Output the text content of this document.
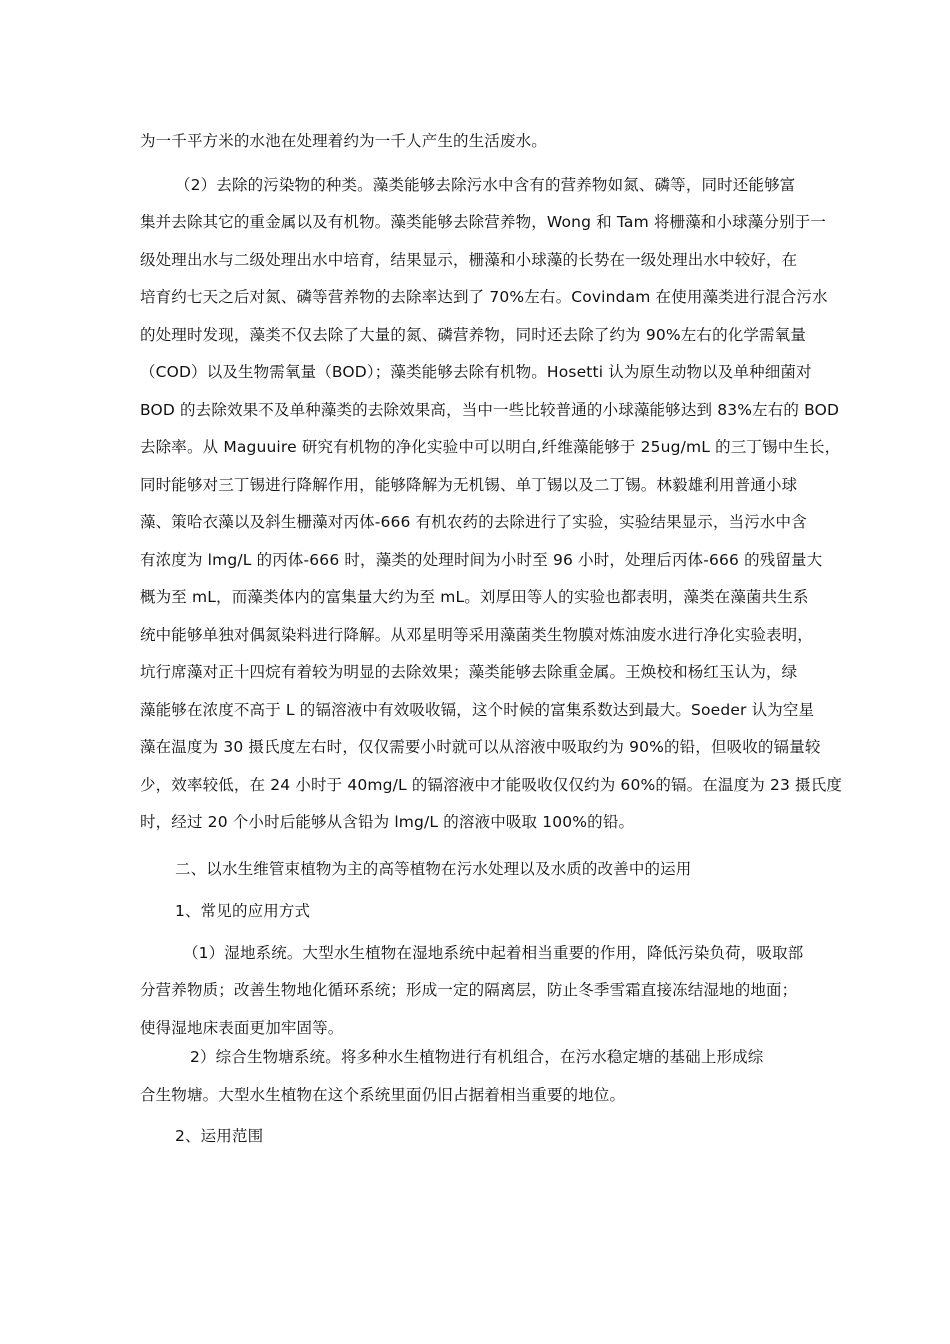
为一千平方米的水池在处理着约为一千人产生的生活废水。
（2）去除的污染物的种类。藻类能够去除污水中含有的营养物如氮、磷等，同时还能够富
集并去除其它的重金属以及有机物。藻类能够去除营养物，Wong 和 Tam 将栅藻和小球藻分别于一
级处理出水与二级处理出水中培育，结果显示，栅藻和小球藻的长势在一级处理出水中较好，在
培育约七天之后对氮、磷等营养物的去除率达到了 70%左右。Covindam 在使用藻类进行混合污水
的处理时发现，藻类不仅去除了大量的氮、磷营养物，同时还去除了约为 90%左右的化学需氧量
（COD）以及生物需氧量（BOD）；藻类能够去除有机物。Hosetti 认为原生动物以及单种细菌对
BOD 的去除效果不及单种藻类的去除效果高，当中一些比较普通的小球藻能够达到 83%左右的 BOD
去除率。从 Maguuire 研究有机物的净化实验中可以明白,纤维藻能够于 25ug/mL 的三丁锡中生长，
同时能够对三丁锡进行降解作用，能够降解为无机锡、单丁锡以及二丁锡。林毅雄利用普通小球
藻、策哈衣藻以及斜生栅藻对丙体-666 有机农药的去除进行了实验，实验结果显示，当污水中含
有浓度为 lmg/L 的丙体-666 时，藻类的处理时间为小时至 96 小时，处理后丙体-666 的残留量大
概为至 mL，而藻类体内的富集量大约为至 mL。刘厚田等人的实验也都表明，藻类在藻菌共生系
统中能够单独对偶氮染料进行降解。从邓星明等采用藻菌类生物膜对炼油废水进行净化实验表明，
坑行席藻对正十四烷有着较为明显的去除效果；藻类能够去除重金属。王焕校和杨红玉认为，绿
藻能够在浓度不高于 L 的镉溶液中有效吸收镉，这个时候的富集系数达到最大。Soeder 认为空星
藻在温度为 30 摄氏度左右时，仅仅需要小时就可以从溶液中吸取约为 90%的铅，但吸收的镉量较
少，效率较低，在 24 小时于 40mg/L 的镉溶液中才能吸收仅仅约为 60%的镉。在温度为 23 摄氏度
时，经过 20 个小时后能够从含铅为 lmg/L 的溶液中吸取 100%的铅。
二、以水生维管束植物为主的高等植物在污水处理以及水质的改善中的运用
1、常见的应用方式
（1）湿地系统。大型水生植物在湿地系统中起着相当重要的作用，降低污染负荷，吸取部
分营养物质；改善生物地化循环系统；形成一定的隔离层，防止冬季雪霜直接冻结湿地的地面；
使得湿地床表面更加牢固等。
2）综合生物塘系统。将多种水生植物进行有机组合，在污水稳定塘的基础上形成综
合生物塘。大型水生植物在这个系统里面仍旧占据着相当重要的地位。
2、运用范围
